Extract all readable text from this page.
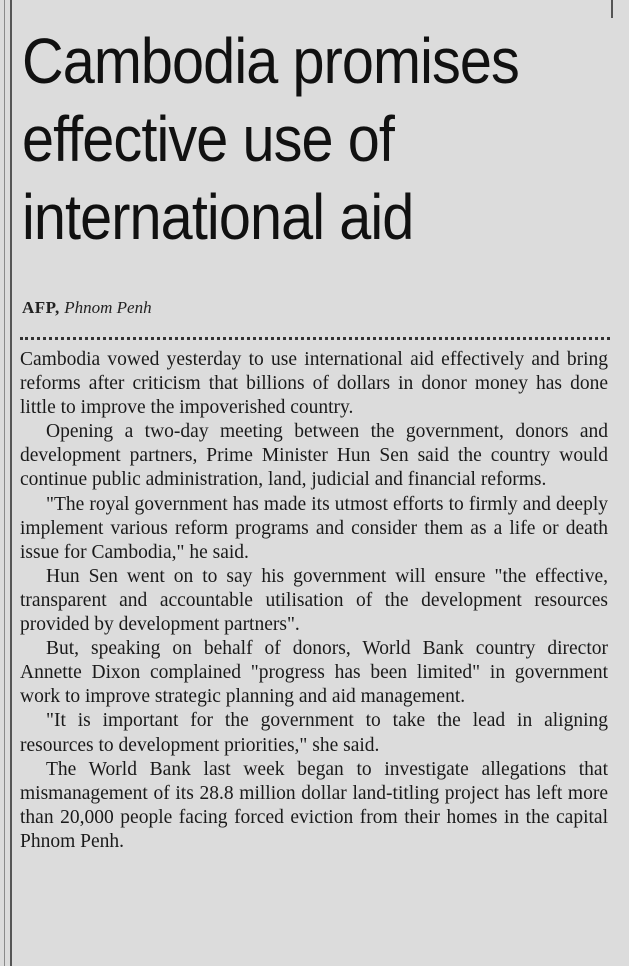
Cambodia promises effective use of international aid
AFP, Phnom Penh

Cambodia vowed yesterday to use international aid effectively and bring reforms after criticism that billions of dollars in donor money has done little to improve the impoverished country.

Opening a two-day meeting between the government, donors and development partners, Prime Minister Hun Sen said the country would continue public administration, land, judicial and financial reforms.

"The royal government has made its utmost efforts to firmly and deeply implement various reform programs and consider them as a life or death issue for Cambodia," he said.

Hun Sen went on to say his government will ensure "the effective, transparent and accountable utilisation of the development resources provided by development partners".

But, speaking on behalf of donors, World Bank country director Annette Dixon complained "progress has been limited" in government work to improve strategic planning and aid management.

"It is important for the government to take the lead in aligning resources to development priorities," she said.

The World Bank last week began to investigate allegations that mismanagement of its 28.8 million dollar land-titling project has left more than 20,000 people facing forced eviction from their homes in the capital Phnom Penh.
